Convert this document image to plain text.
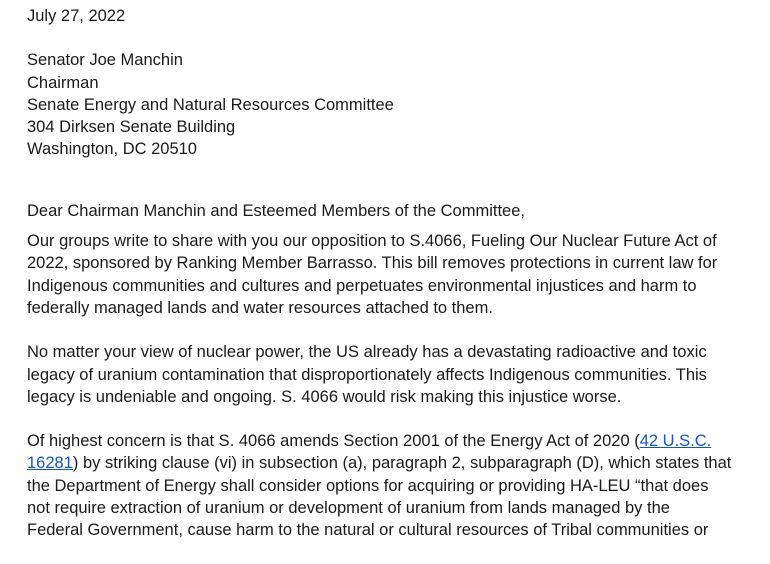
July 27, 2022
Senator Joe Manchin
Chairman
Senate Energy and Natural Resources Committee
304 Dirksen Senate Building
Washington, DC 20510
Dear Chairman Manchin and Esteemed Members of the Committee,
Our groups write to share with you our opposition to S.4066, Fueling Our Nuclear Future Act of
2022, sponsored by Ranking Member Barrasso. This bill removes protections in current law for
Indigenous communities and cultures and perpetuates environmental injustices and harm to
federally managed lands and water resources attached to them.
No matter your view of nuclear power, the US already has a devastating radioactive and toxic
legacy of uranium contamination that disproportionately affects Indigenous communities. This
legacy is undeniable and ongoing. S. 4066 would risk making this injustice worse.
Of highest concern is that S. 4066 amends Section 2001 of the Energy Act of 2020 (42 U.S.C.
16281) by striking clause (vi) in subsection (a), paragraph 2, subparagraph (D), which states that
the Department of Energy shall consider options for acquiring or providing HA-LEU “that does
not require extraction of uranium or development of uranium from lands managed by the
Federal Government, cause harm to the natural or cultural resources of Tribal communities or
